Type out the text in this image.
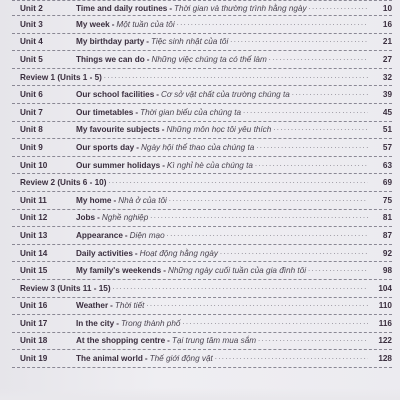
Unit 2	Time and daily routines - Thời gian và thường trình hằng ngày .....	10
Unit 3	My week - Một tuần của tôi .....	16
Unit 4	My birthday party - Tiệc sinh nhật của tôi .....	21
Unit 5	Things we can do - Những việc chúng ta có thể làm .....	27
Review 1 (Units 1 - 5) .....	32
Unit 6	Our school facilities - Cơ sở vật chất của trường chúng ta .....	39
Unit 7	Our timetables - Thời gian biểu của chúng ta .....	45
Unit 8	My favourite subjects - Những môn học tôi yêu thích .....	51
Unit 9	Our sports day - Ngày hội thể thao của chúng ta .....	57
Unit 10	Our summer holidays - Kì nghỉ hè của chúng ta .....	63
Review 2 (Units 6 - 10) .....	69
Unit 11	My home - Nhà ở của tôi .....	75
Unit 12	Jobs - Nghề nghiệp .....	81
Unit 13	Appearance - Diện mạo .....	87
Unit 14	Daily activities - Hoạt động hằng ngày .....	92
Unit 15	My family's weekends - Những ngày cuối tuần của gia đình tôi .....	98
Review 3 (Units 11 - 15) .....	104
Unit 16	Weather - Thời tiết .....	110
Unit 17	In the city - Trong thành phố .....	116
Unit 18	At the shopping centre - Tại trung tâm mua sắm .....	122
Unit 19	The animal world - Thế giới động vật .....	128
